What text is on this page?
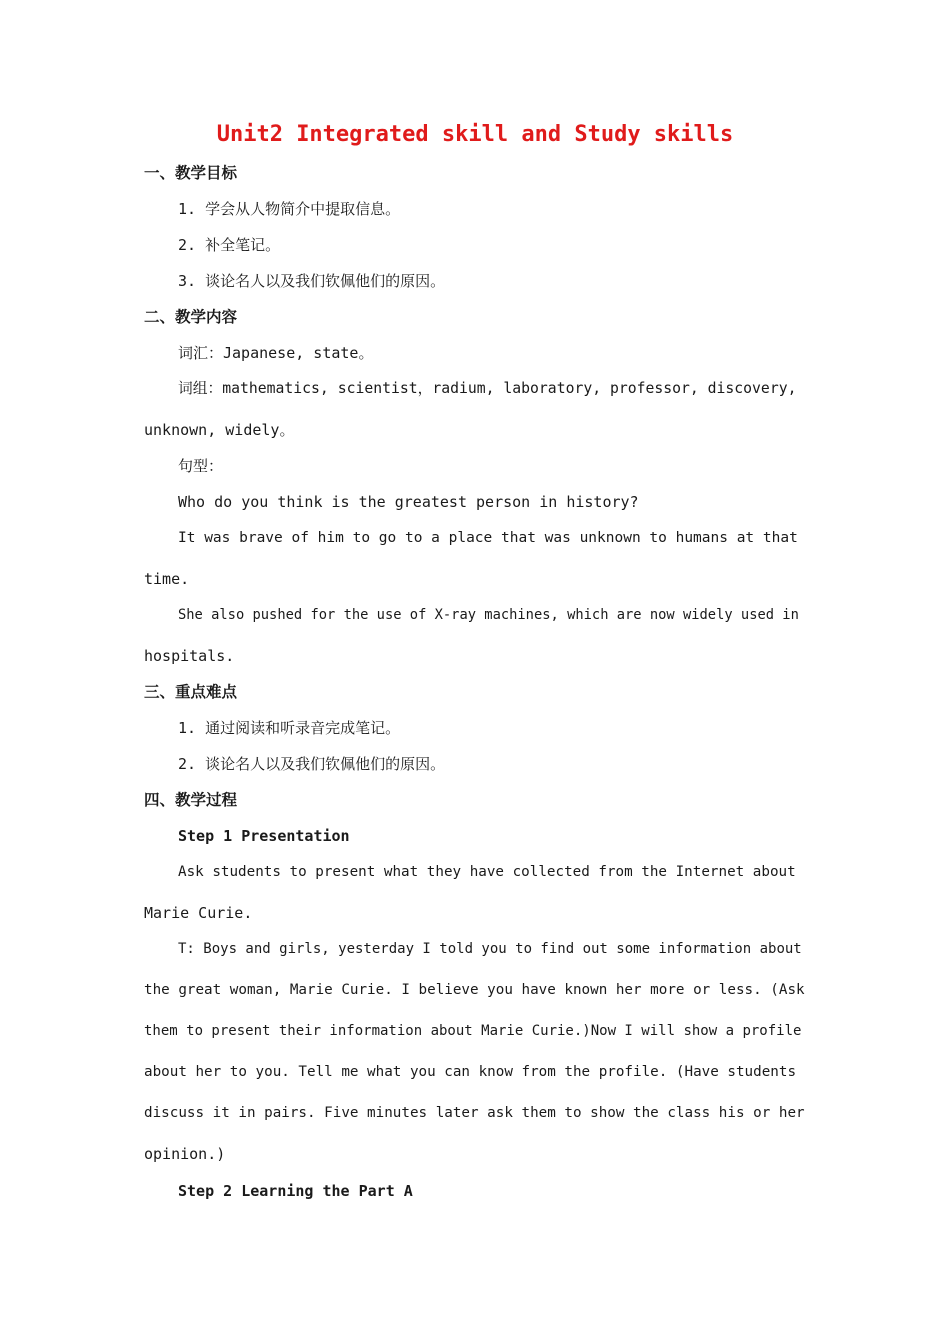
Unit2 Integrated skill and Study skills
一、教学目标
1. 学会从人物简介中提取信息。
2. 补全笔记。
3. 谈论名人以及我们钦佩他们的原因。
二、教学内容
词汇：Japanese, state。
词组：mathematics, scientist，radium, laboratory, professor, discovery,
unknown, widely。
句型：
Who do you think is the greatest person in history?
It was brave of him to go to a place that was unknown to humans at that
time.
She also pushed for the use of X-ray machines, which are now widely used in
hospitals.
三、重点难点
1. 通过阅读和听录音完成笔记。
2. 谈论名人以及我们钦佩他们的原因。
四、教学过程
Step 1 Presentation
Ask students to present what they have collected from the Internet about
Marie Curie.
T: Boys and girls, yesterday I told you to find out some information about
the great woman, Marie Curie. I believe you have known her more or less. (Ask
them to present their information about Marie Curie.)Now I will show a profile
about her to you. Tell me what you can know from the profile. (Have students
discuss it in pairs. Five minutes later ask them to show the class his or her
opinion.)
Step 2 Learning the Part A
